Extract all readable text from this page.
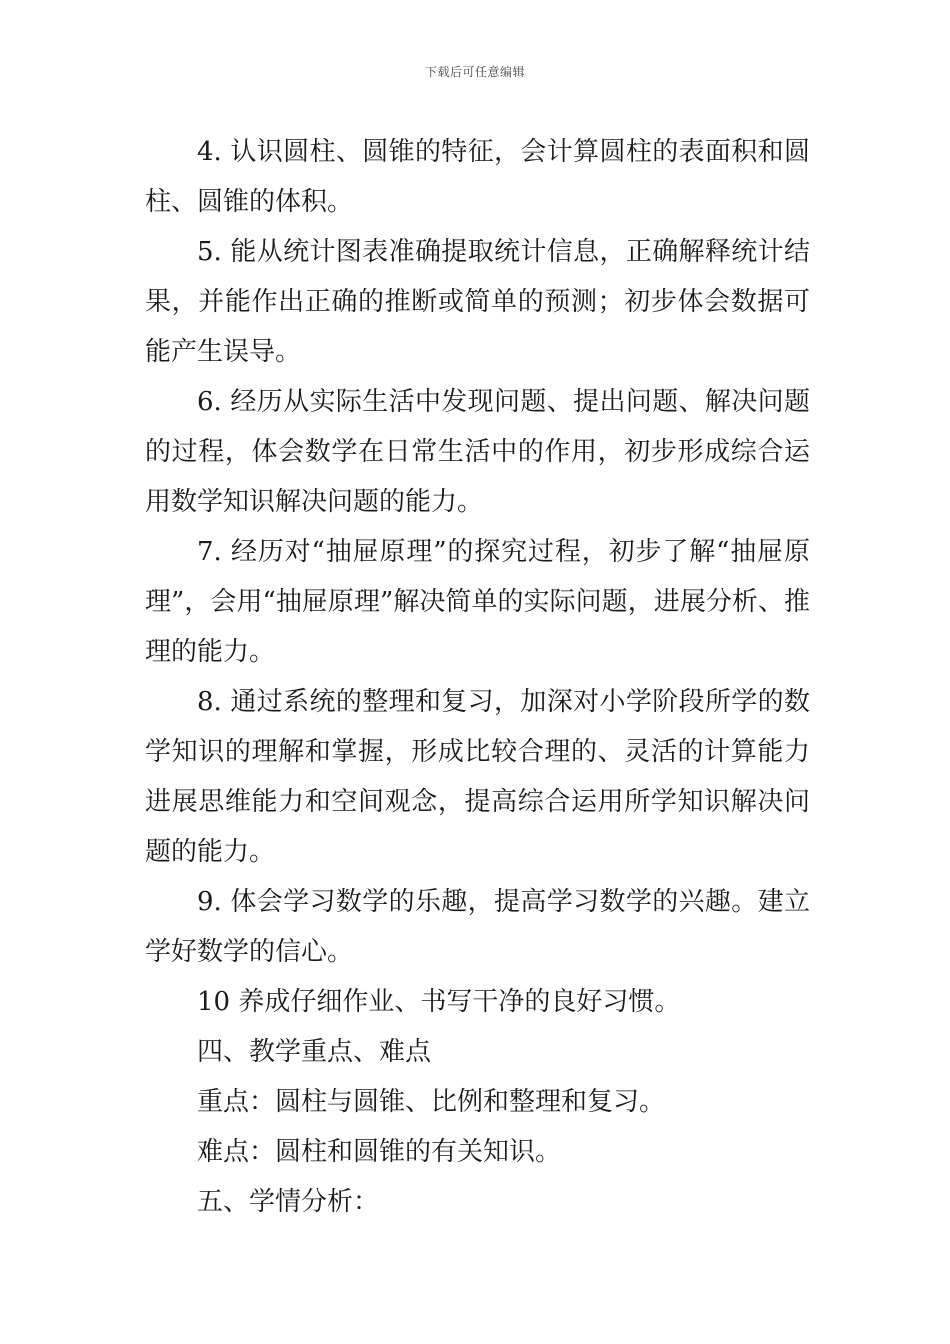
下载后可任意编辑

4. 认识圆柱、圆锥的特征，会计算圆柱的表面积和圆柱、圆锥的体积。

5. 能从统计图表准确提取统计信息，正确解释统计结果，并能作出正确的推断或简单的预测；初步体会数据可能产生误导。

6. 经历从实际生活中发现问题、提出问题、解决问题的过程，体会数学在日常生活中的作用，初步形成综合运用数学知识解决问题的能力。

7. 经历对“抽屉原理”的探究过程，初步了解“抽屉原理”，会用“抽屉原理”解决简单的实际问题，进展分析、推理的能力。

8. 通过系统的整理和复习，加深对小学阶段所学的数学知识的理解和掌握，形成比较合理的、灵活的计算能力进展思维能力和空间观念，提高综合运用所学知识解决问题的能力。

9. 体会学习数学的乐趣，提高学习数学的兴趣。建立学好数学的信心。

10 养成仔细作业、书写干净的良好习惯。

四、教学重点、难点

重点：圆柱与圆锥、比例和整理和复习。

难点：圆柱和圆锥的有关知识。

五、学情分析：
